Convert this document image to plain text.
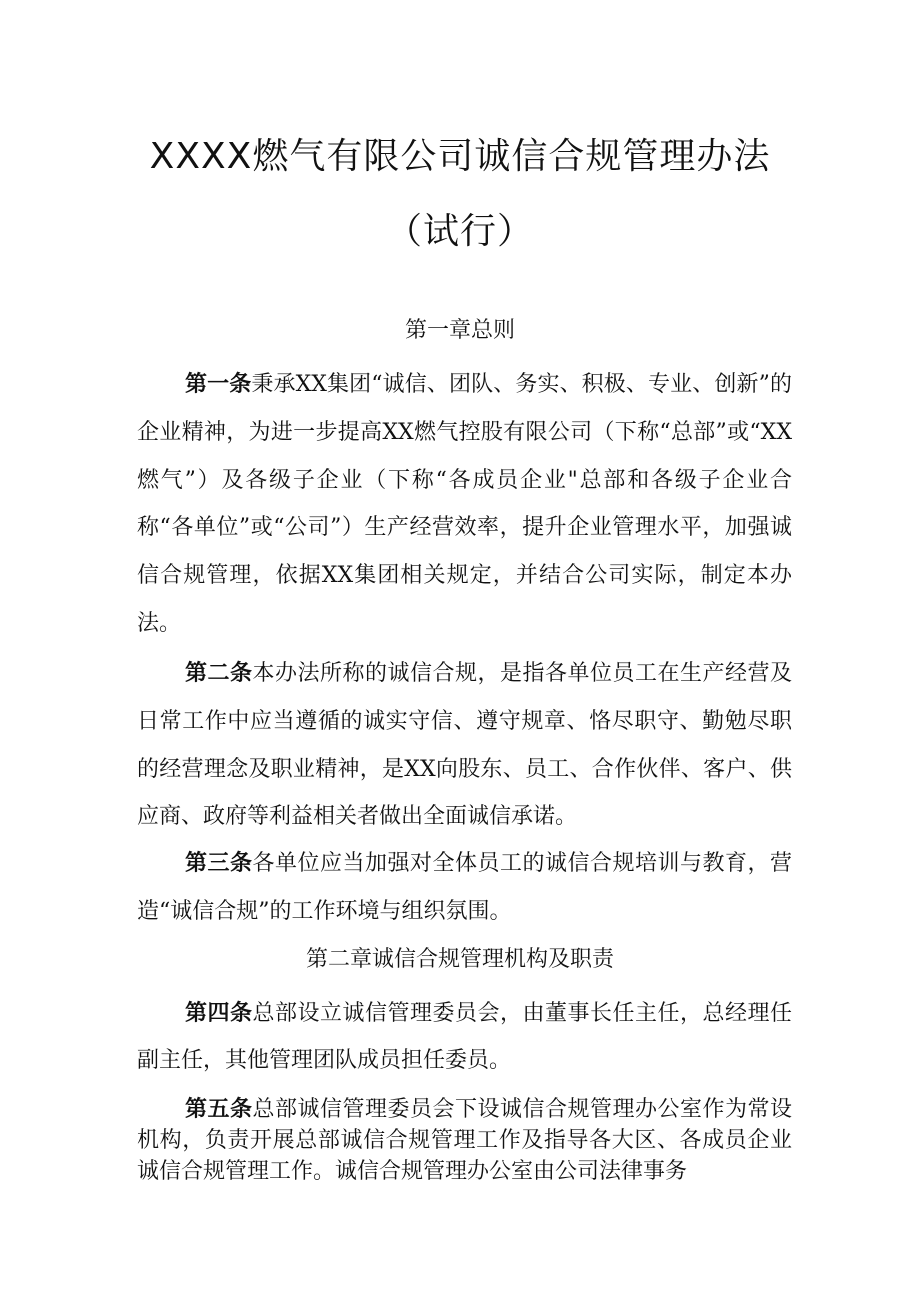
XXXX燃气有限公司诚信合规管理办法
（试行）
第一章总则

第一条秉承XX集团“诚信、团队、务实、积极、专业、创新”的企业精神，为进一步提高XX燃气控股有限公司（下称“总部”或“XX燃气”）及各级子企业（下称“各成员企业"总部和各级子企业合称“各单位”或“公司”）生产经营效率，提升企业管理水平，加强诚信合规管理，依据XX集团相关规定，并结合公司实际，制定本办法。

第二条本办法所称的诚信合规，是指各单位员工在生产经营及日常工作中应当遵循的诚实守信、遵守规章、恪尽职守、勤勉尽职的经营理念及职业精神，是XX向股东、员工、合作伙伴、客户、供应商、政府等利益相关者做出全面诚信承诺。

第三条各单位应当加强对全体员工的诚信合规培训与教育，营造“诚信合规”的工作环境与组织氛围。

第二章诚信合规管理机构及职责

第四条总部设立诚信管理委员会，由董事长任主任，总经理任副主任，其他管理团队成员担任委员。

第五条总部诚信管理委员会下设诚信合规管理办公室作为常设机构，负责开展总部诚信合规管理工作及指导各大区、各成员企业诚信合规管理工作。诚信合规管理办公室由公司法律事务
